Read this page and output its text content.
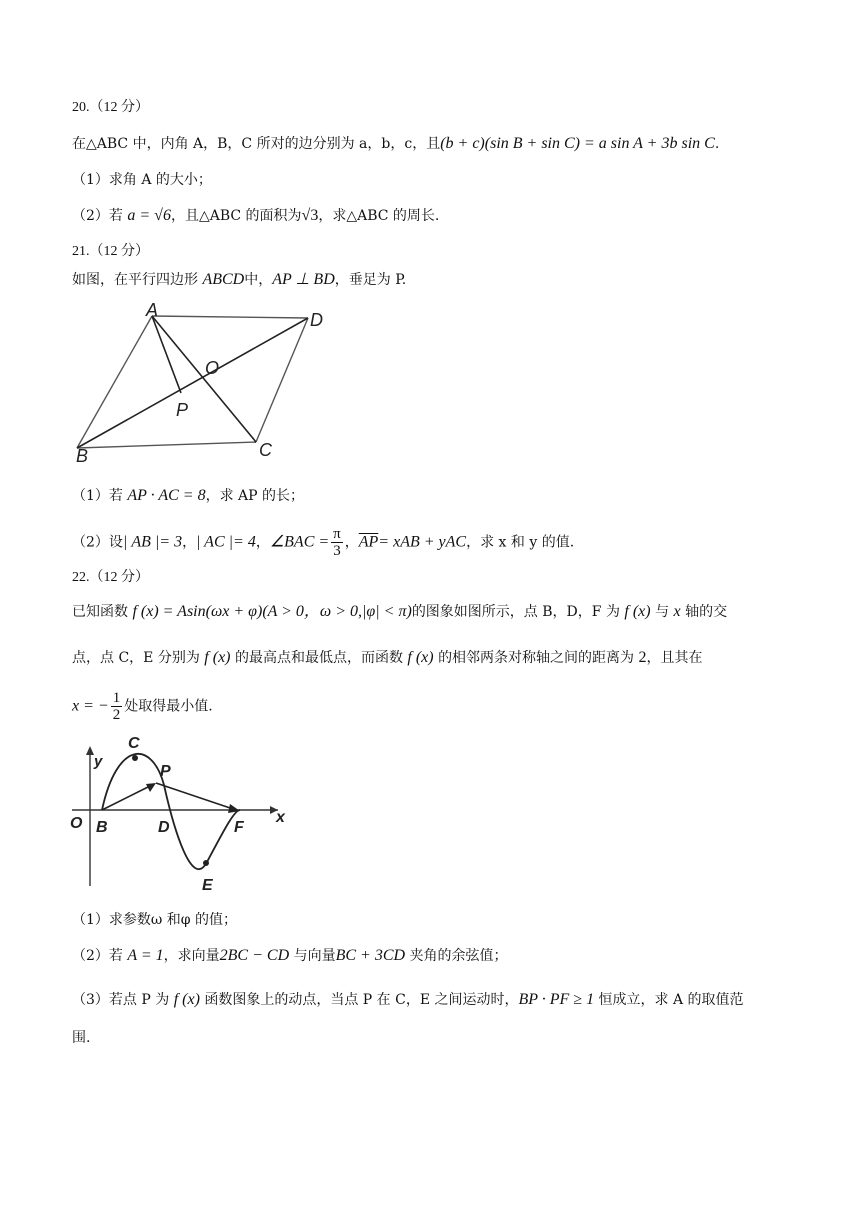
20.（12 分）
在△ABC 中，内角 A，B，C 所对的边分别为 a，b，c，且(b + c)(sin B + sin C) = a sin A + 3b sin C.
（1）求角 A 的大小；
（2）若 a = √6，且△ABC 的面积为√3，求△ABC 的周长.
21.（12 分）
如图，在平行四边形 ABCD中，AP ⊥ BD，垂足为 P.
A
B	C
D
O
P
（1）若 AP · AC = 8，求 AP 的长；
（2）设| AB |= 3，| AC |= 4，∠BAC = $\frac{\pi}{3}$ ，$\overline{AP}=$ xAB + yAC，求 x 和 y 的值.
22.（12 分）
已知函数 f (x) = Asin(ωx + φ)(A > 0，ω > 0,|φ| < π)的图象如图所示，点 B，D，F 为 f (x) 与 x 轴的交
点，点 C，E 分别为 f (x) 的最高点和最低点，而函数 f (x) 的相邻两条对称轴之间的距离为 2，且其在
x = − $\frac{1}{2}$ 处取得最小值.
C
P
y
O B	D	F
x
E
（1）求参数ω 和φ 的值；
（2）若 A = 1，求向量2BC − CD 与向量BC + 3CD 夹角的余弦值；
（3）若点 P 为 f (x) 函数图象上的动点，当点 P 在 C，E 之间运动时，BP · PF ≥ 1 恒成立，求 A 的取值范
围.
